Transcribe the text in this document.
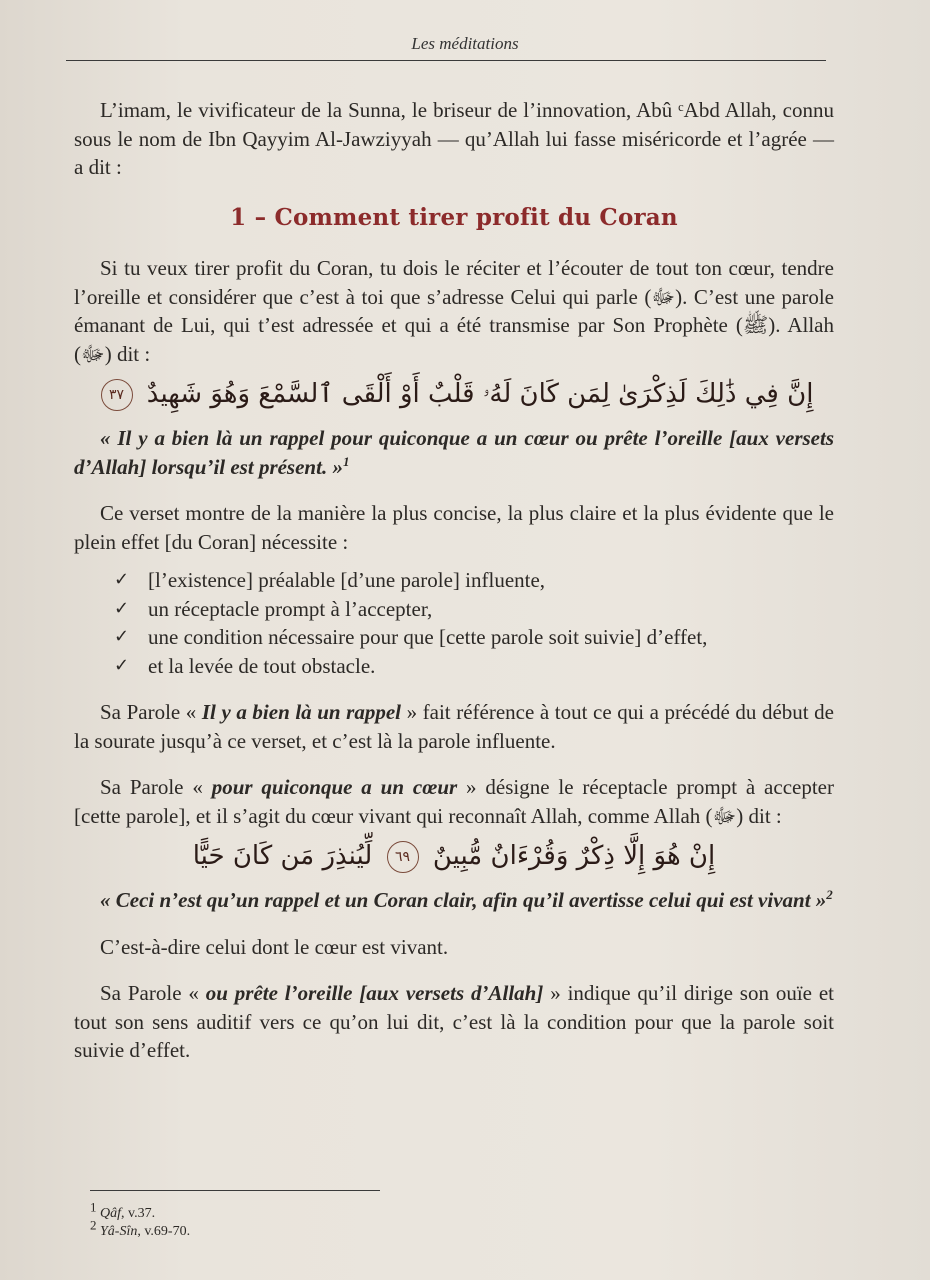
Les méditations

L’imam, le vivificateur de la Sunna, le briseur de l’innovation, Abû ᶜAbd Allah, connu sous le nom de Ibn Qayyim Al-Jawziyyah — qu’Allah lui fasse miséricorde et l’agrée — a dit :

1 – Comment tirer profit du Coran

Si tu veux tirer profit du Coran, tu dois le réciter et l’écouter de tout ton cœur, tendre l’oreille et considérer que c’est à toi que s’adresse Celui qui parle (ﷻ). C’est une parole émanant de Lui, qui t’est adressée et qui a été transmise par Son Prophète (ﷺ). Allah (ﷻ) dit :

إِنَّ فِي ذَٰلِكَ لَذِكْرَىٰ لِمَن كَانَ لَهُۥ قَلْبٌ أَوْ أَلْقَى ٱلسَّمْعَ وَهُوَ شَهِيدٌ ٣٧

« Il y a bien là un rappel pour quiconque a un cœur ou prête l’oreille [aux versets d’Allah] lorsqu’il est présent. »$^1$

Ce verset montre de la manière la plus concise, la plus claire et la plus évidente que le plein effet [du Coran] nécessite :

✓ [l’existence] préalable [d’une parole] influente,
✓ un réceptacle prompt à l’accepter,
✓ une condition nécessaire pour que [cette parole soit suivie] d’effet,
✓ et la levée de tout obstacle.

Sa Parole « Il y a bien là un rappel » fait référence à tout ce qui a précédé du début de la sourate jusqu’à ce verset, et c’est là la parole influente.

Sa Parole « pour quiconque a un cœur » désigne le réceptacle prompt à accepter [cette parole], et il s’agit du cœur vivant qui reconnaît Allah, comme Allah (ﷻ) dit :

إِنْ هُوَ إِلَّا ذِكْرٌ وَقُرْءَانٌ مُّبِينٌ ٦٩ لِّيُنذِرَ مَن كَانَ حَيًّا

« Ceci n’est qu’un rappel et un Coran clair, afin qu’il avertisse celui qui est vivant »$^2$

C’est-à-dire celui dont le cœur est vivant.

Sa Parole « ou prête l’oreille [aux versets d’Allah] » indique qu’il dirige son ouïe et tout son sens auditif vers ce qu’on lui dit, c’est là la condition pour que la parole soit suivie d’effet.

$^1$ Qâf, v.37.
$^2$ Yâ-Sîn, v.69-70.
